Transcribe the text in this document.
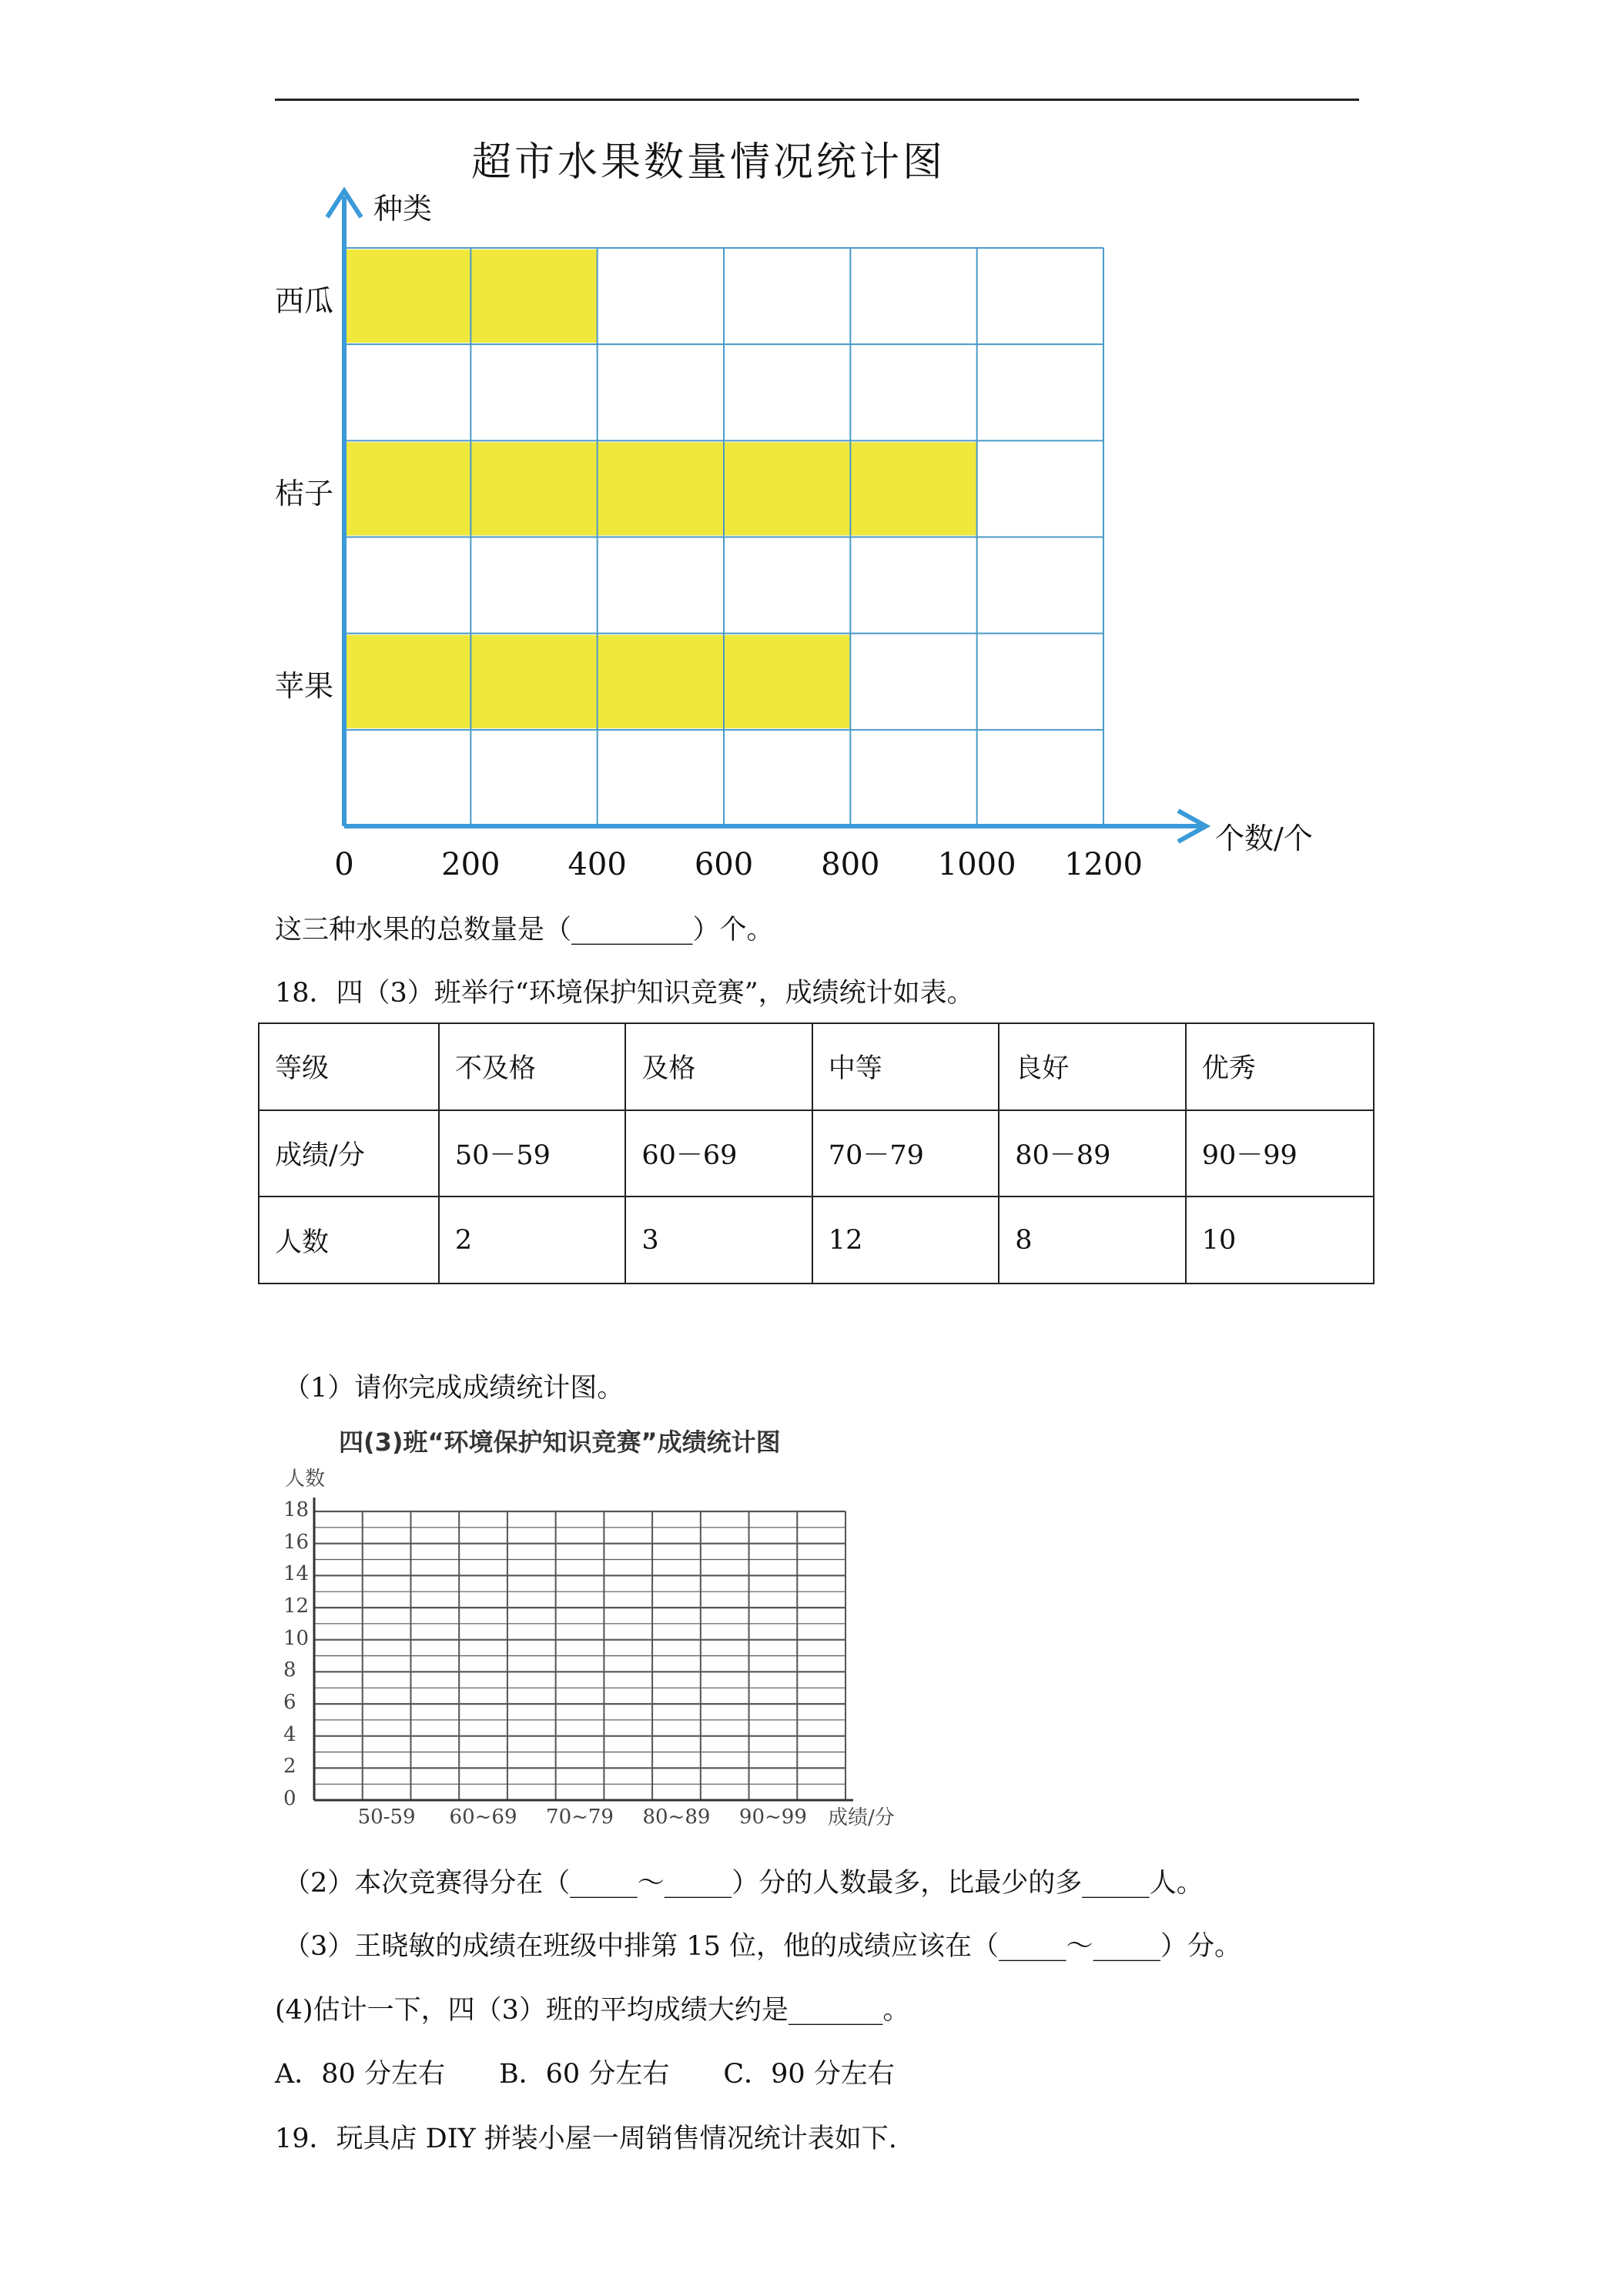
超市水果数量情况统计图
这三种水果的总数量是（_________）个。
18．四（3）班举行“环境保护知识竞赛”，成绩统计如表。
等级	不及格	及格	中等	良好	优秀
成绩/分	50－59	60－69	70－79	80－89	90－99
人数	2	3	12	8	10
（1）请你完成成绩统计图。
四(3)班“环境保护知识竞赛”成绩统计图
（2）本次竞赛得分在（_____～_____）分的人数最多，比最少的多_____人。
（3）王晓敏的成绩在班级中排第 15 位，他的成绩应该在（_____～_____）分。
(4)估计一下，四（3）班的平均成绩大约是_______。
A．80 分左右　　B．60 分左右　　C．90 分左右
19．玩具店 DIY 拼装小屋一周销售情况统计表如下.
种类
个数/个
西瓜
桔子
苹果
0	200 400 600 800 1000 1200
人数
成绩/分
0
2
4
6
8
10
12
14
16
18
50-59 60~69 70~79 80~89 90~99
